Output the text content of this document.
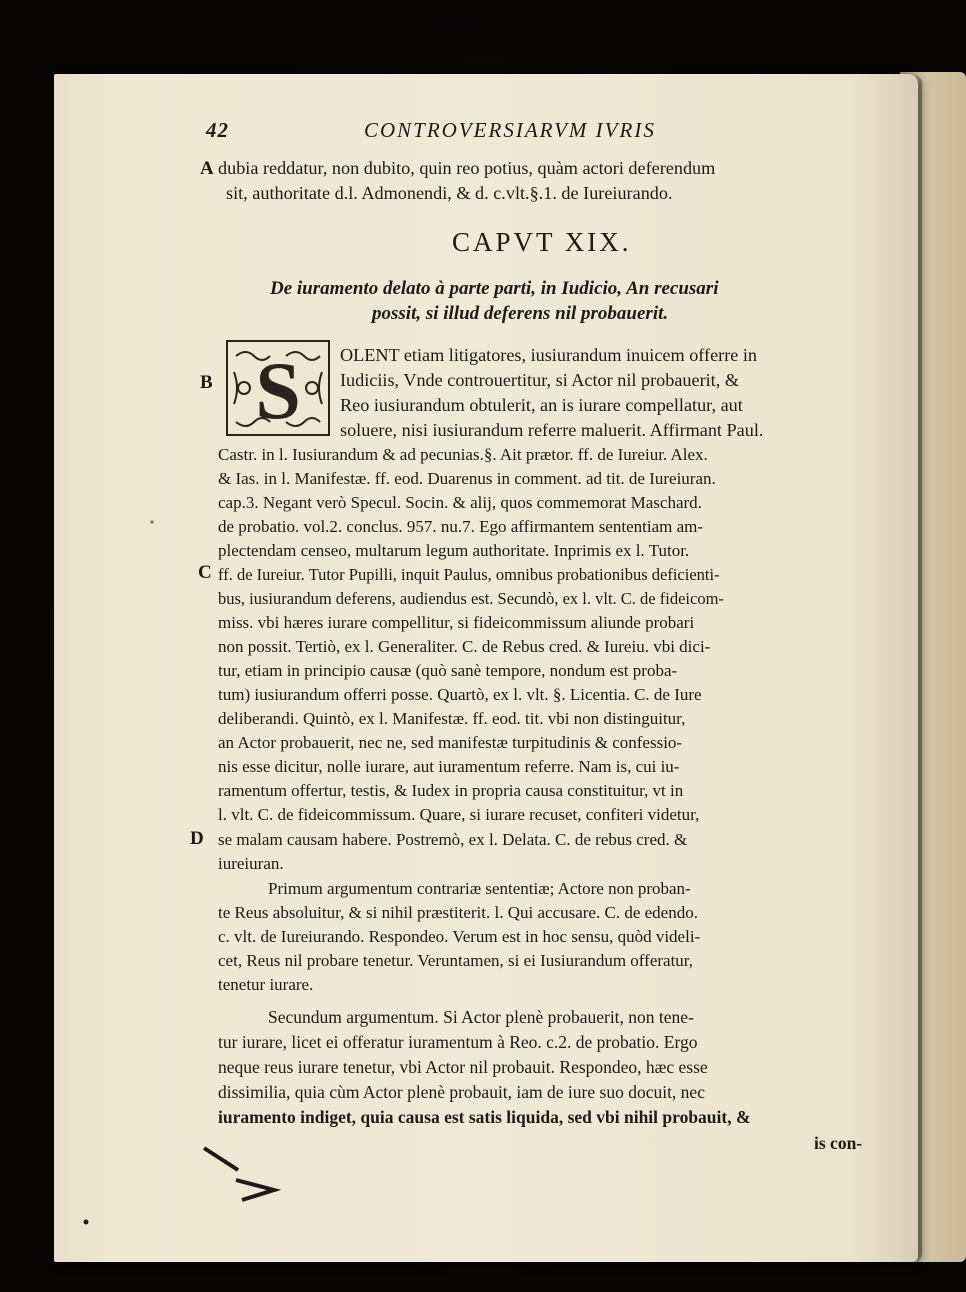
42	CONTROVERSIARVM IVRIS
A dubia reddatur, non dubito, quin reo potius, quàm actori deferendum
sit, authoritate d.l. Admonendi, & d. c.vlt.§.1. de Iureiurando.
CAPVT XIX.
De iuramento delato à parte parti, in Iudicio, An recusari
possit, si illud deferens nil probauerit.
S
B
OLENT etiam litigatores, iusiurandum inuicem offerre in
Iudiciis, Vnde controuertitur, si Actor nil probauerit, &
Reo iusiurandum obtulerit, an is iurare compellatur, aut
soluere, nisi iusiurandum referre maluerit. Affirmant Paul.
Castr. in l. Iusiurandum & ad pecunias.§. Ait prætor. ff. de Iureiur. Alex.
& Ias. in l. Manifestæ. ff. eod. Duarenus in comment. ad tit. de Iureiuran.
cap.3. Negant verò Specul. Socin. & alij, quos commemorat Maschard.
de probatio. vol.2. conclus. 957. nu.7. Ego affirmantem sententiam am-
plectendam censeo, multarum legum authoritate. Inprimis ex l. Tutor.
C ff. de Iureiur. Tutor Pupilli, inquit Paulus, omnibus probationibus deficienti-
bus, iusiurandum deferens, audiendus est. Secundò, ex l. vlt. C. de fideicom-
miss. vbi hæres iurare compellitur, si fideicommissum aliunde probari
non possit. Tertiò, ex l. Generaliter. C. de Rebus cred. & Iureiu. vbi dici-
tur, etiam in principio causæ (quò sanè tempore, nondum est proba-
tum) iusiurandum offerri posse. Quartò, ex l. vlt. §. Licentia. C. de Iure
deliberandi. Quintò, ex l. Manifestæ. ff. eod. tit. vbi non distinguitur,
an Actor probauerit, nec ne, sed manifestæ turpitudinis & confessio-
nis esse dicitur, nolle iurare, aut iuramentum referre. Nam is, cui iu-
ramentum offertur, testis, & Iudex in propria causa constituitur, vt in
l. vlt. C. de fideicommissum. Quare, si iurare recuset, confiteri videtur,
D se malam causam habere. Postremò, ex l. Delata. C. de rebus cred. &
iureiuran.
Primum argumentum contrariæ sententiæ; Actore non proban-
te Reus absoluitur, & si nihil præstiterit. l. Qui accusare. C. de edendo.
c. vlt. de Iureiurando. Respondeo. Verum est in hoc sensu, quòd videli-
cet, Reus nil probare tenetur. Veruntamen, si ei Iusiurandum offeratur,
tenetur iurare.
Secundum argumentum. Si Actor plenè probauerit, non tene-
tur iurare, licet ei offeratur iuramentum à Reo. c.2. de probatio. Ergo
neque reus iurare tenetur, vbi Actor nil probauit. Respondeo, hæc esse
dissimilia, quia cùm Actor plenè probauit, iam de iure suo docuit, nec
iuramento indiget, quia causa est satis liquida, sed vbi nihil probauit, &
is con-
